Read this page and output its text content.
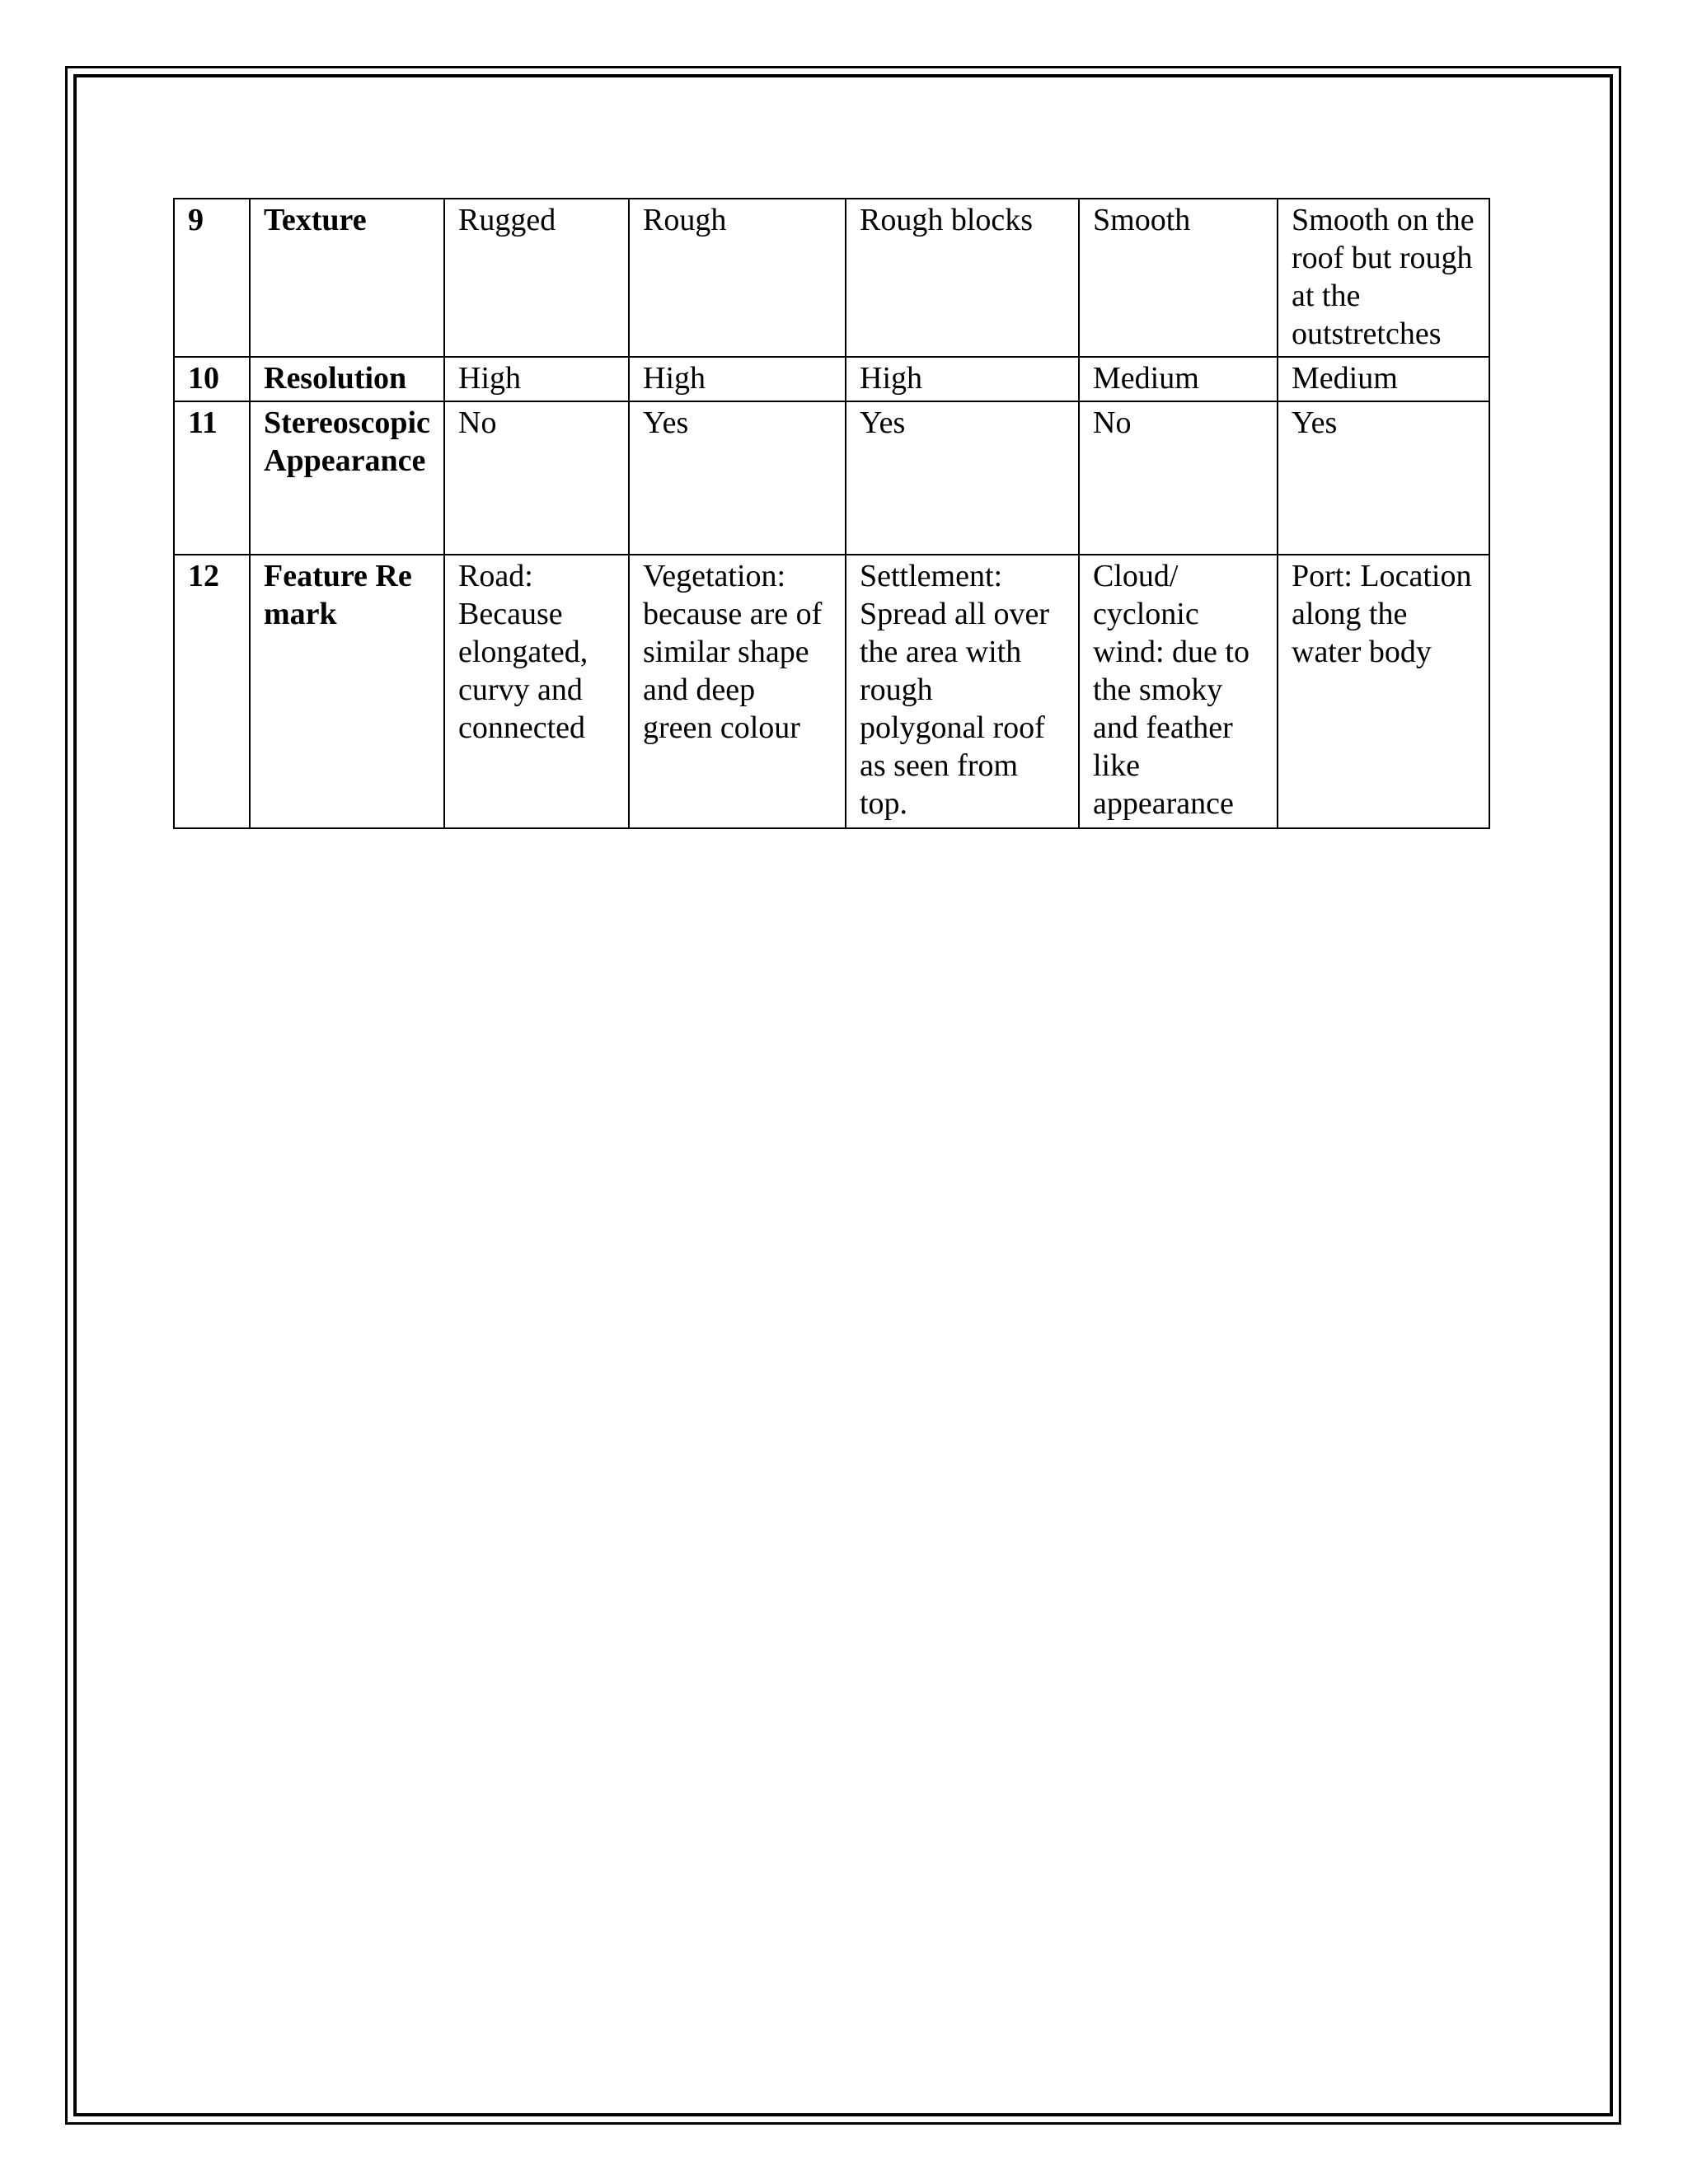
9	Texture	Rugged	Rough	Rough blocks	Smooth	Smooth on the roof but rough at the outstretches
10	Resolution	High	High	High	Medium	Medium
11	Stereoscopic Appearance	No	Yes	Yes	No	Yes
12	Feature Remark	Road: Because elongated, curvy and connected	Vegetation: because are of similar shape and deep green colour	Settlement: Spread all over the area with rough polygonal roof as seen from top.	Cloud/ cyclonic wind: due to the smoky and feather like appearance	Port: Location along the water body
